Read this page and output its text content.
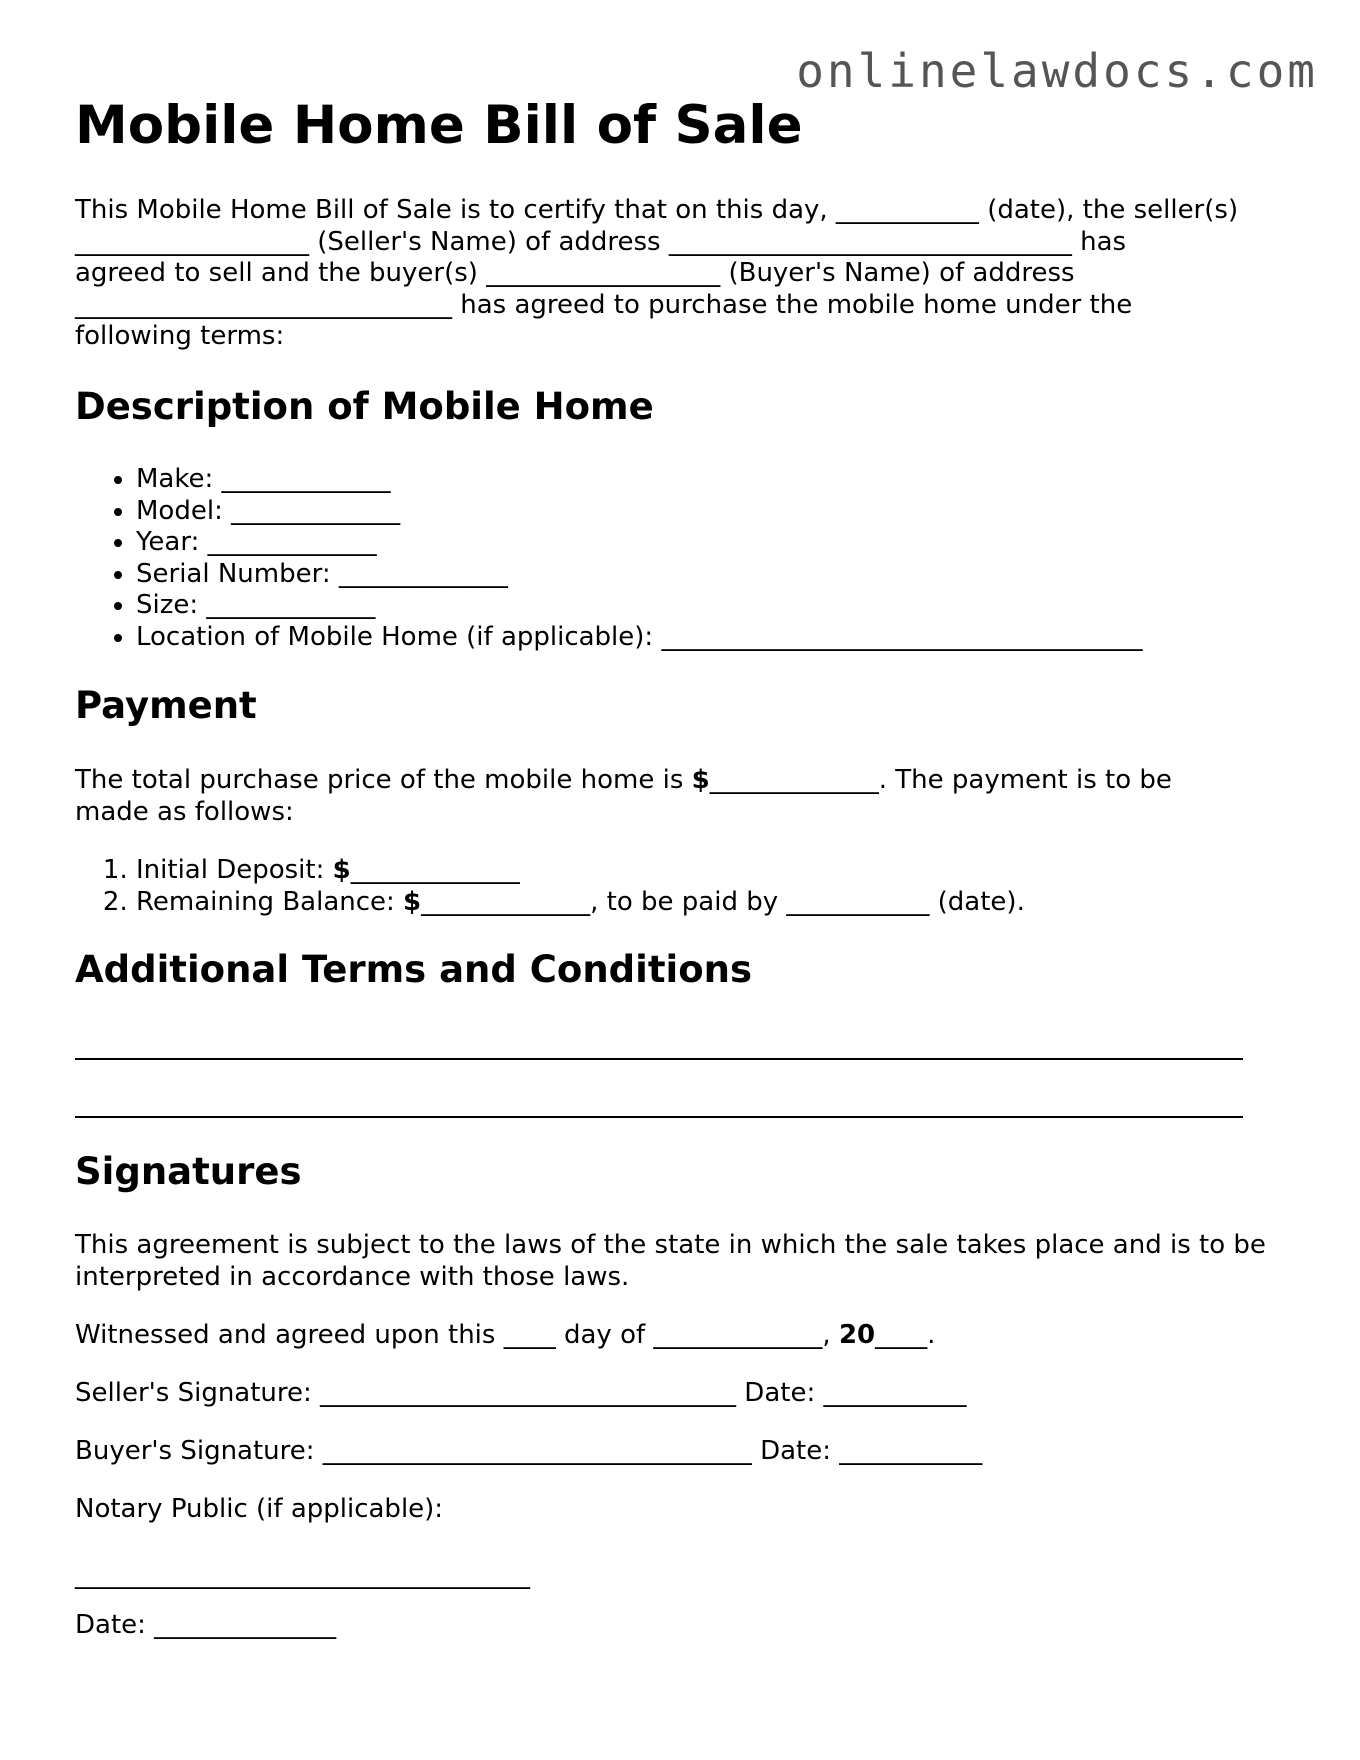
onlinelawdocs.com
Mobile Home Bill of Sale
This Mobile Home Bill of Sale is to certify that on this day, ___________ (date), the seller(s)
__________________ (Seller's Name) of address _______________________________ has
agreed to sell and the buyer(s) __________________ (Buyer's Name) of address
_____________________________ has agreed to purchase the mobile home under the
following terms:
Description of Mobile Home
• Make: _____________
• Model: _____________
• Year: _____________
• Serial Number: _____________
• Size: _____________
• Location of Mobile Home (if applicable): _____________________________________
Payment
The total purchase price of the mobile home is $_____________. The payment is to be
made as follows:
1. Initial Deposit: $_____________
2. Remaining Balance: $_____________, to be paid by ___________ (date).
Additional Terms and Conditions
Signatures
This agreement is subject to the laws of the state in which the sale takes place and is to be
interpreted in accordance with those laws.
Witnessed and agreed upon this ____ day of _____________, 20____.
Seller's Signature: ________________________________ Date: ___________
Buyer's Signature: _________________________________ Date: ___________
Notary Public (if applicable):
___________________________________
Date: ______________
